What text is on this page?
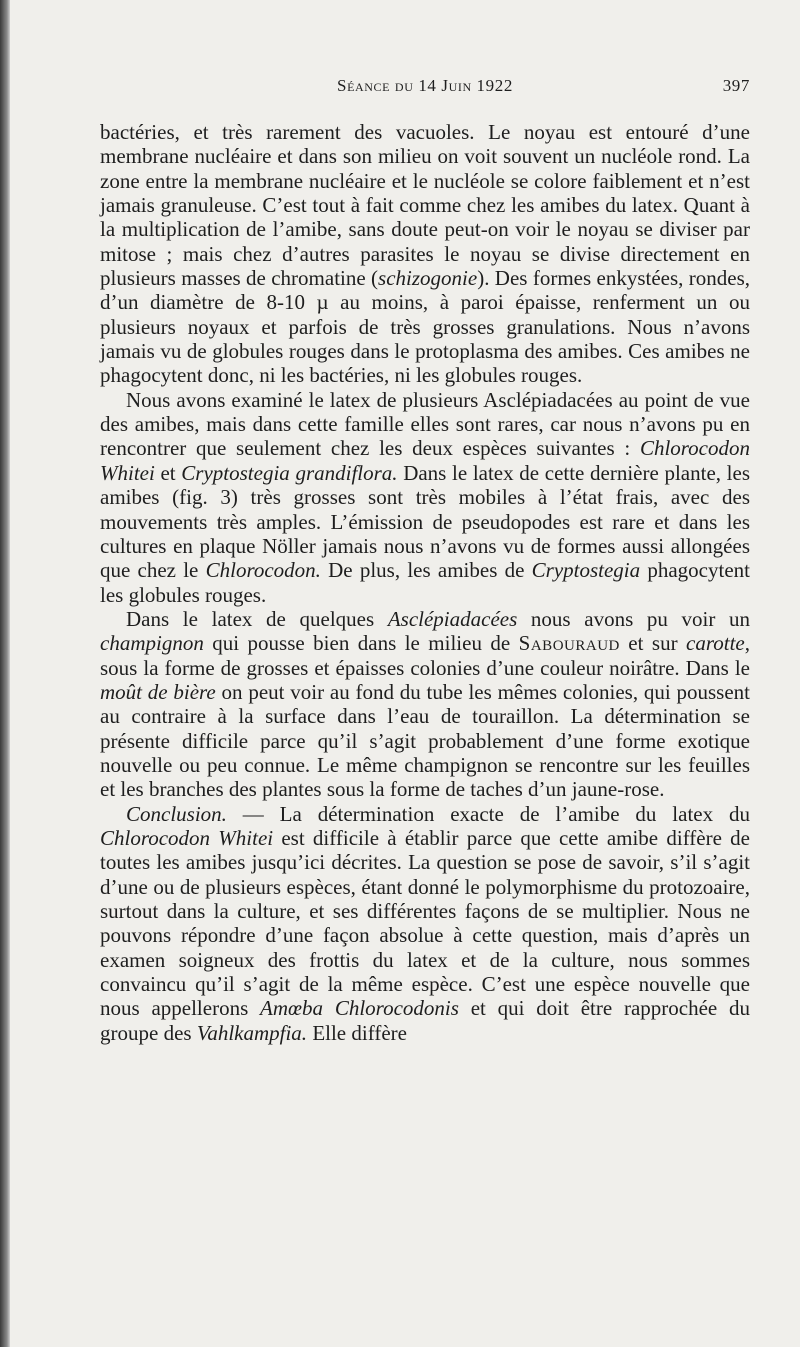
Séance du 14 Juin 1922	397

bactéries, et très rarement des vacuoles. Le noyau est entouré d’une membrane nucléaire et dans son milieu on voit souvent un nucléole rond. La zone entre la membrane nucléaire et le nucléole se colore faiblement et n’est jamais granuleuse. C’est tout à fait comme chez les amibes du latex. Quant à la multiplication de l’amibe, sans doute peut-on voir le noyau se diviser par mitose ; mais chez d’autres parasites le noyau se divise directement en plusieurs masses de chromatine (schizogonie). Des formes enkystées, rondes, d’un diamètre de 8-10 µ au moins, à paroi épaisse, renferment un ou plusieurs noyaux et parfois de très grosses granulations. Nous n’avons jamais vu de globules rouges dans le protoplasma des amibes. Ces amibes ne phagocytent donc, ni les bactéries, ni les globules rouges.

Nous avons examiné le latex de plusieurs Asclépiadacées au point de vue des amibes, mais dans cette famille elles sont rares, car nous n’avons pu en rencontrer que seulement chez les deux espèces suivantes : Chlorocodon Whitei et Cryptostegia grandiflora. Dans le latex de cette dernière plante, les amibes (fig. 3) très grosses sont très mobiles à l’état frais, avec des mouvements très amples. L’émission de pseudopodes est rare et dans les cultures en plaque Nöller jamais nous n’avons vu de formes aussi allongées que chez le Chlorocodon. De plus, les amibes de Cryptostegia phagocytent les globules rouges.

Dans le latex de quelques Asclépiadacées nous avons pu voir un champignon qui pousse bien dans le milieu de Sabouraud et sur carotte, sous la forme de grosses et épaisses colonies d’une couleur noirâtre. Dans le moût de bière on peut voir au fond du tube les mêmes colonies, qui poussent au contraire à la surface dans l’eau de touraillon. La détermination se présente difficile parce qu’il s’agit probablement d’une forme exotique nouvelle ou peu connue. Le même champignon se rencontre sur les feuilles et les branches des plantes sous la forme de taches d’un jaune-rose.

Conclusion. — La détermination exacte de l’amibe du latex du Chlorocodon Whitei est difficile à établir parce que cette amibe diffère de toutes les amibes jusqu’ici décrites. La question se pose de savoir, s’il s’agit d’une ou de plusieurs espèces, étant donné le polymorphisme du protozoaire, surtout dans la culture, et ses différentes façons de se multiplier. Nous ne pouvons répondre d’une façon absolue à cette question, mais d’après un examen soigneux des frottis du latex et de la culture, nous sommes convaincu qu’il s’agit de la même espèce. C’est une espèce nouvelle que nous appellerons Amœba Chlorocodonis et qui doit être rapprochée du groupe des Vahlkampfia. Elle diffère
